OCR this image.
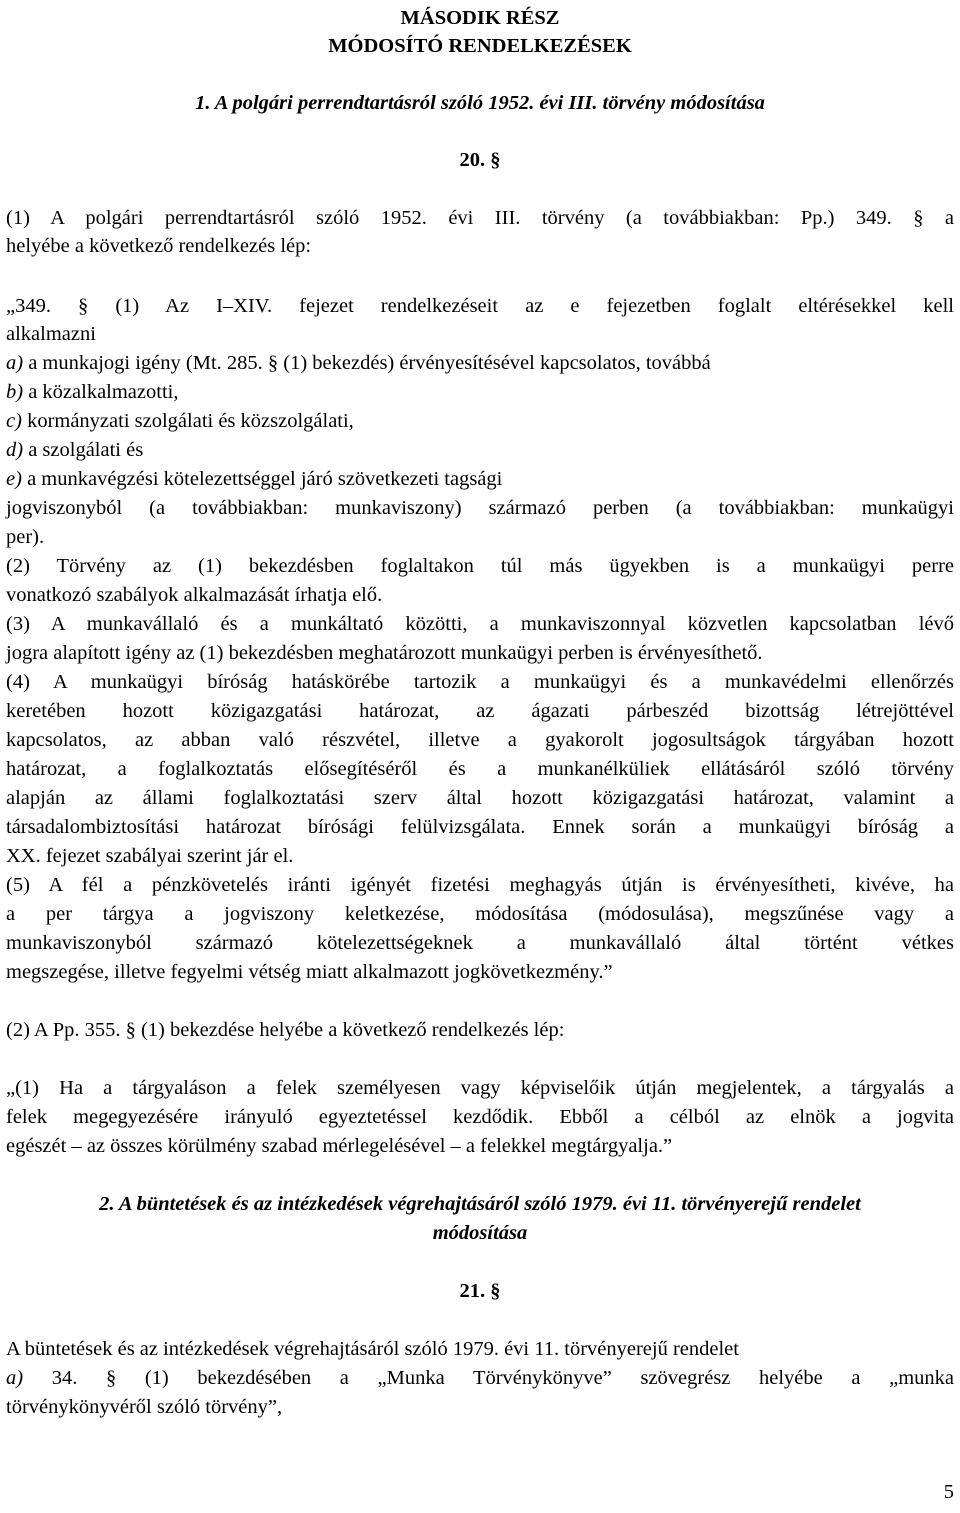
MÁSODIK RÉSZ
MÓDOSÍTÓ RENDELKEZÉSEK
1. A polgári perrendtartásról szóló 1952. évi III. törvény módosítása
20. §
(1) A polgári perrendtartásról szóló 1952. évi III. törvény (a továbbiakban: Pp.) 349. § a
helyébe a következő rendelkezés lép:
„349. § (1) Az I–XIV. fejezet rendelkezéseit az e fejezetben foglalt eltérésekkel kell
alkalmazni
a) a munkajogi igény (Mt. 285. § (1) bekezdés) érvényesítésével kapcsolatos, továbbá
b) a közalkalmazotti,
c) kormányzati szolgálati és közszolgálati,
d) a szolgálati és
e) a munkavégzési kötelezettséggel járó szövetkezeti tagsági
jogviszonyból (a továbbiakban: munkaviszony) származó perben (a továbbiakban: munkaügyi
per).
(2) Törvény az (1) bekezdésben foglaltakon túl más ügyekben is a munkaügyi perre
vonatkozó szabályok alkalmazását írhatja elő.
(3) A munkavállaló és a munkáltató közötti, a munkaviszonnyal közvetlen kapcsolatban lévő
jogra alapított igény az (1) bekezdésben meghatározott munkaügyi perben is érvényesíthető.
(4) A munkaügyi bíróság hatáskörébe tartozik a munkaügyi és a munkavédelmi ellenőrzés
keretében hozott közigazgatási határozat, az ágazati párbeszéd bizottság létrejöttével
kapcsolatos, az abban való részvétel, illetve a gyakorolt jogosultságok tárgyában hozott
határozat, a foglalkoztatás elősegítéséről és a munkanélküliek ellátásáról szóló törvény
alapján az állami foglalkoztatási szerv által hozott közigazgatási határozat, valamint a
társadalombiztosítási határozat bírósági felülvizsgálata. Ennek során a munkaügyi bíróság a
XX. fejezet szabályai szerint jár el.
(5) A fél a pénzkövetelés iránti igényét fizetési meghagyás útján is érvényesítheti, kivéve, ha
a per tárgya a jogviszony keletkezése, módosítása (módosulása), megszűnése vagy a
munkaviszonyból származó kötelezettségeknek a munkavállaló által történt vétkes
megszegése, illetve fegyelmi vétség miatt alkalmazott jogkövetkezmény.”
(2) A Pp. 355. § (1) bekezdése helyébe a következő rendelkezés lép:
„(1) Ha a tárgyaláson a felek személyesen vagy képviselőik útján megjelentek, a tárgyalás a
felek megegyezésére irányuló egyeztetéssel kezdődik. Ebből a célból az elnök a jogvita
egészét – az összes körülmény szabad mérlegelésével – a felekkel megtárgyalja.”
2. A büntetések és az intézkedések végrehajtásáról szóló 1979. évi 11. törvényerejű rendelet
módosítása
21. §
A büntetések és az intézkedések végrehajtásáról szóló 1979. évi 11. törvényerejű rendelet
a) 34. § (1) bekezdésében a „Munka Törvénykönyve” szövegrész helyébe a „munka
törvénykönyvéről szóló törvény”,
5
